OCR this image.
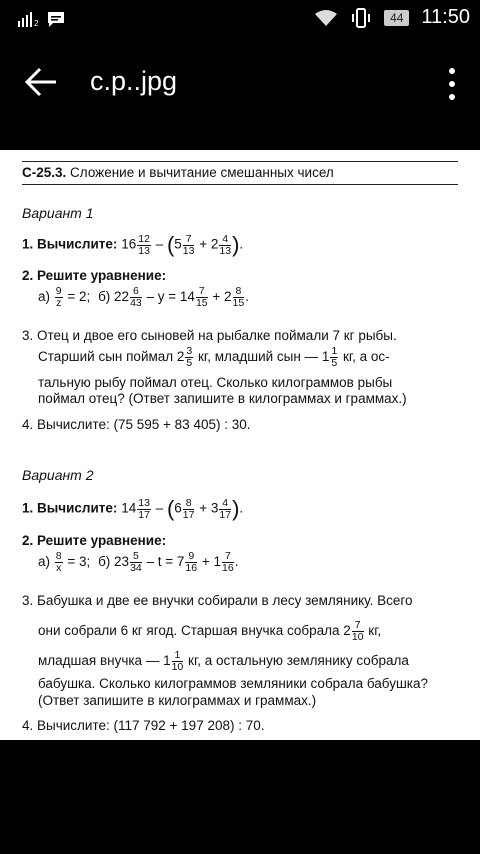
2	44 11:50
с.р..jpg
С-25.3. Сложение и вычитание смешанных чисел
Вариант 1
1. Вычислите: $16 \frac{12}{13} - (5 \frac{7}{13} + 2 \frac{4}{13}$ ).
2. Решите уравнение:
$а) \frac{9}{z} = 2$; б) $22 \frac{6}{43} - y = 14 \frac{7}{15} + 2 \frac{8}{15}$ .
3. Отец и двое его сыновей на рыбалке поймали 7 кг рыбы.
Старший сын поймал $2 \frac{3}{5}$ кг, младший сын — $1 \frac{1}{5}$ кг, а ос-
тальную рыбу поймал отец. Сколько килограммов рыбы
поймал отец? (Ответ запишите в килограммах и граммах.)
4. Вычислите: (75 595 + 83 405) : 30.
Вариант 2
1. Вычислите: $14 \frac{13}{17} - (6 \frac{8}{17} + 3 \frac{4}{17}$ ).
2. Решите уравнение:
$а) \frac{8}{x} = 3$; б) $23 \frac{5}{34} - t = 7 \frac{9}{16} + 1 \frac{7}{16}$ .
3. Бабушка и две ее внучки собирали в лесу землянику. Всего
они собрали 6 кг ягод. Старшая внучка собрала $2 \frac{7}{10}$ кг,
младшая внучка — $1 \frac{1}{10}$ кг, а остальную землянику собрала
бабушка. Сколько килограммов земляники собрала бабушка?
(Ответ запишите в килограммах и граммах.)
4. Вычислите: (117 792 + 197 208) : 70.
